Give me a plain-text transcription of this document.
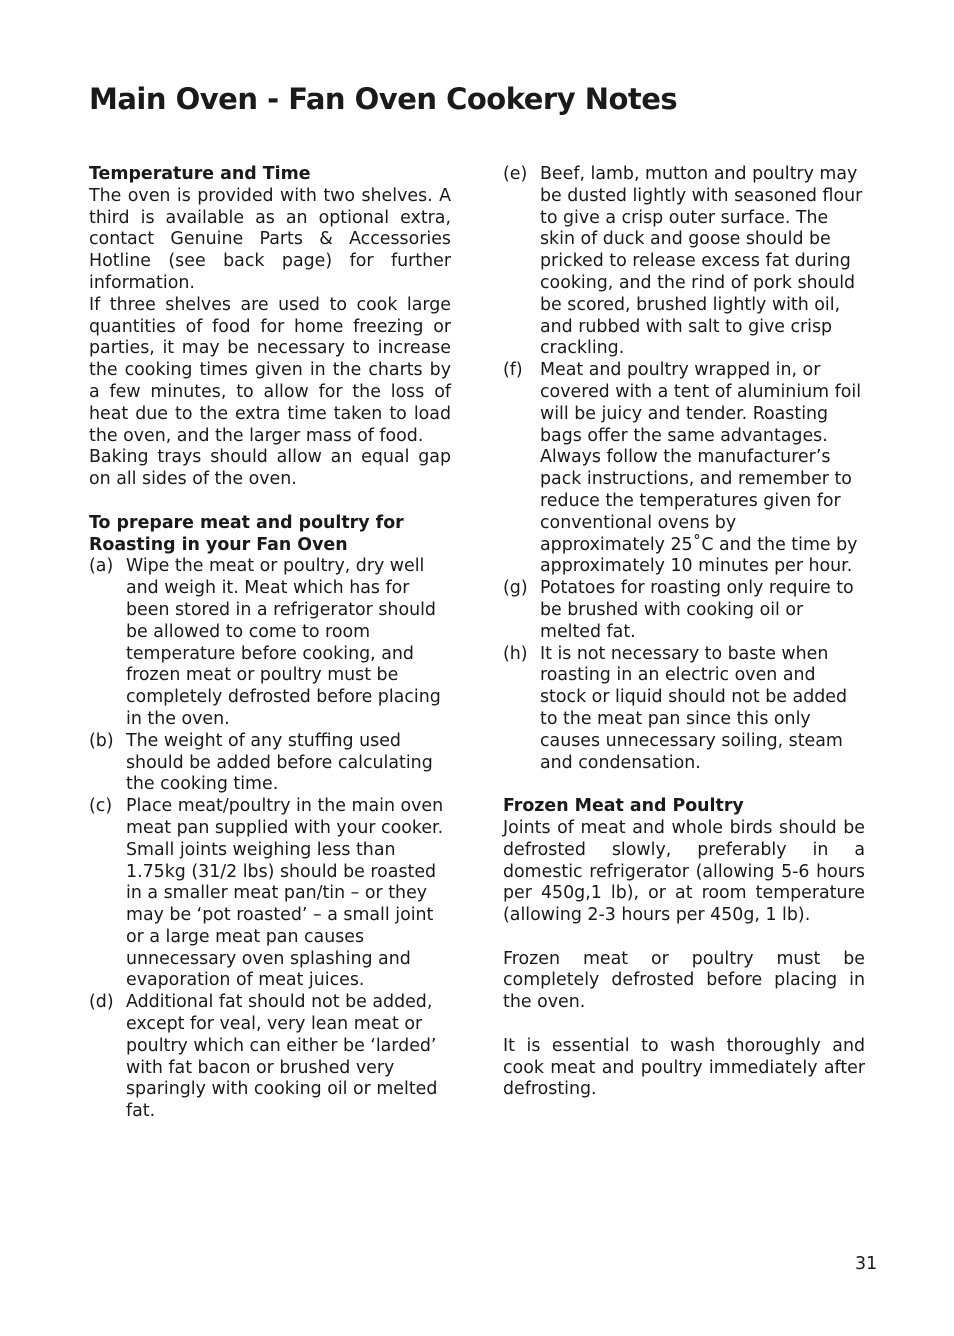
Main Oven - Fan Oven Cookery Notes

Temperature and Time

The oven is provided with two shelves. A third is available as an optional extra, contact Genuine Parts & Accessories Hotline (see back page) for further information.

If three shelves are used to cook large quantities of food for home freezing or parties, it may be necessary to increase the cooking times given in the charts by a few minutes, to allow for the loss of heat due to the extra time taken to load the oven, and the larger mass of food.

Baking trays should allow an equal gap on all sides of the oven.

To prepare meat and poultry for
Roasting in your Fan Oven

(a) Wipe the meat or poultry, dry well and weigh it. Meat which has for been stored in a refrigerator should be allowed to come to room temperature before cooking, and frozen meat or poultry must be completely defrosted before placing in the oven.
(b) The weight of any stuffing used should be added before calculating the cooking time.
(c) Place meat/poultry in the main oven meat pan supplied with your cooker. Small joints weighing less than 1.75kg (31/2 lbs) should be roasted in a smaller meat pan/tin – or they may be ‘pot roasted’ – a small joint or a large meat pan causes unnecessary oven splashing and evaporation of meat juices.
(d) Additional fat should not be added, except for veal, very lean meat or poultry which can either be ‘larded’ with fat bacon or brushed very sparingly with cooking oil or melted fat.
(e) Beef, lamb, mutton and poultry may be dusted lightly with seasoned flour to give a crisp outer surface. The skin of duck and goose should be pricked to release excess fat during cooking, and the rind of pork should be scored, brushed lightly with oil, and rubbed with salt to give crisp crackling.
(f) Meat and poultry wrapped in, or covered with a tent of aluminium foil will be juicy and tender. Roasting bags offer the same advantages. Always follow the manufacturer’s pack instructions, and remember to reduce the temperatures given for conventional ovens by approximately 25˚C and the time by approximately 10 minutes per hour.
(g) Potatoes for roasting only require to be brushed with cooking oil or melted fat.
(h) It is not necessary to baste when roasting in an electric oven and stock or liquid should not be added to the meat pan since this only causes unnecessary soiling, steam and condensation.

Frozen Meat and Poultry

Joints of meat and whole birds should be defrosted slowly, preferably in a domestic refrigerator (allowing 5-6 hours per 450g,1 lb), or at room temperature (allowing 2-3 hours per 450g, 1 lb).

Frozen meat or poultry must be completely defrosted before placing in the oven.

It is essential to wash thoroughly and cook meat and poultry immediately after defrosting.

31
